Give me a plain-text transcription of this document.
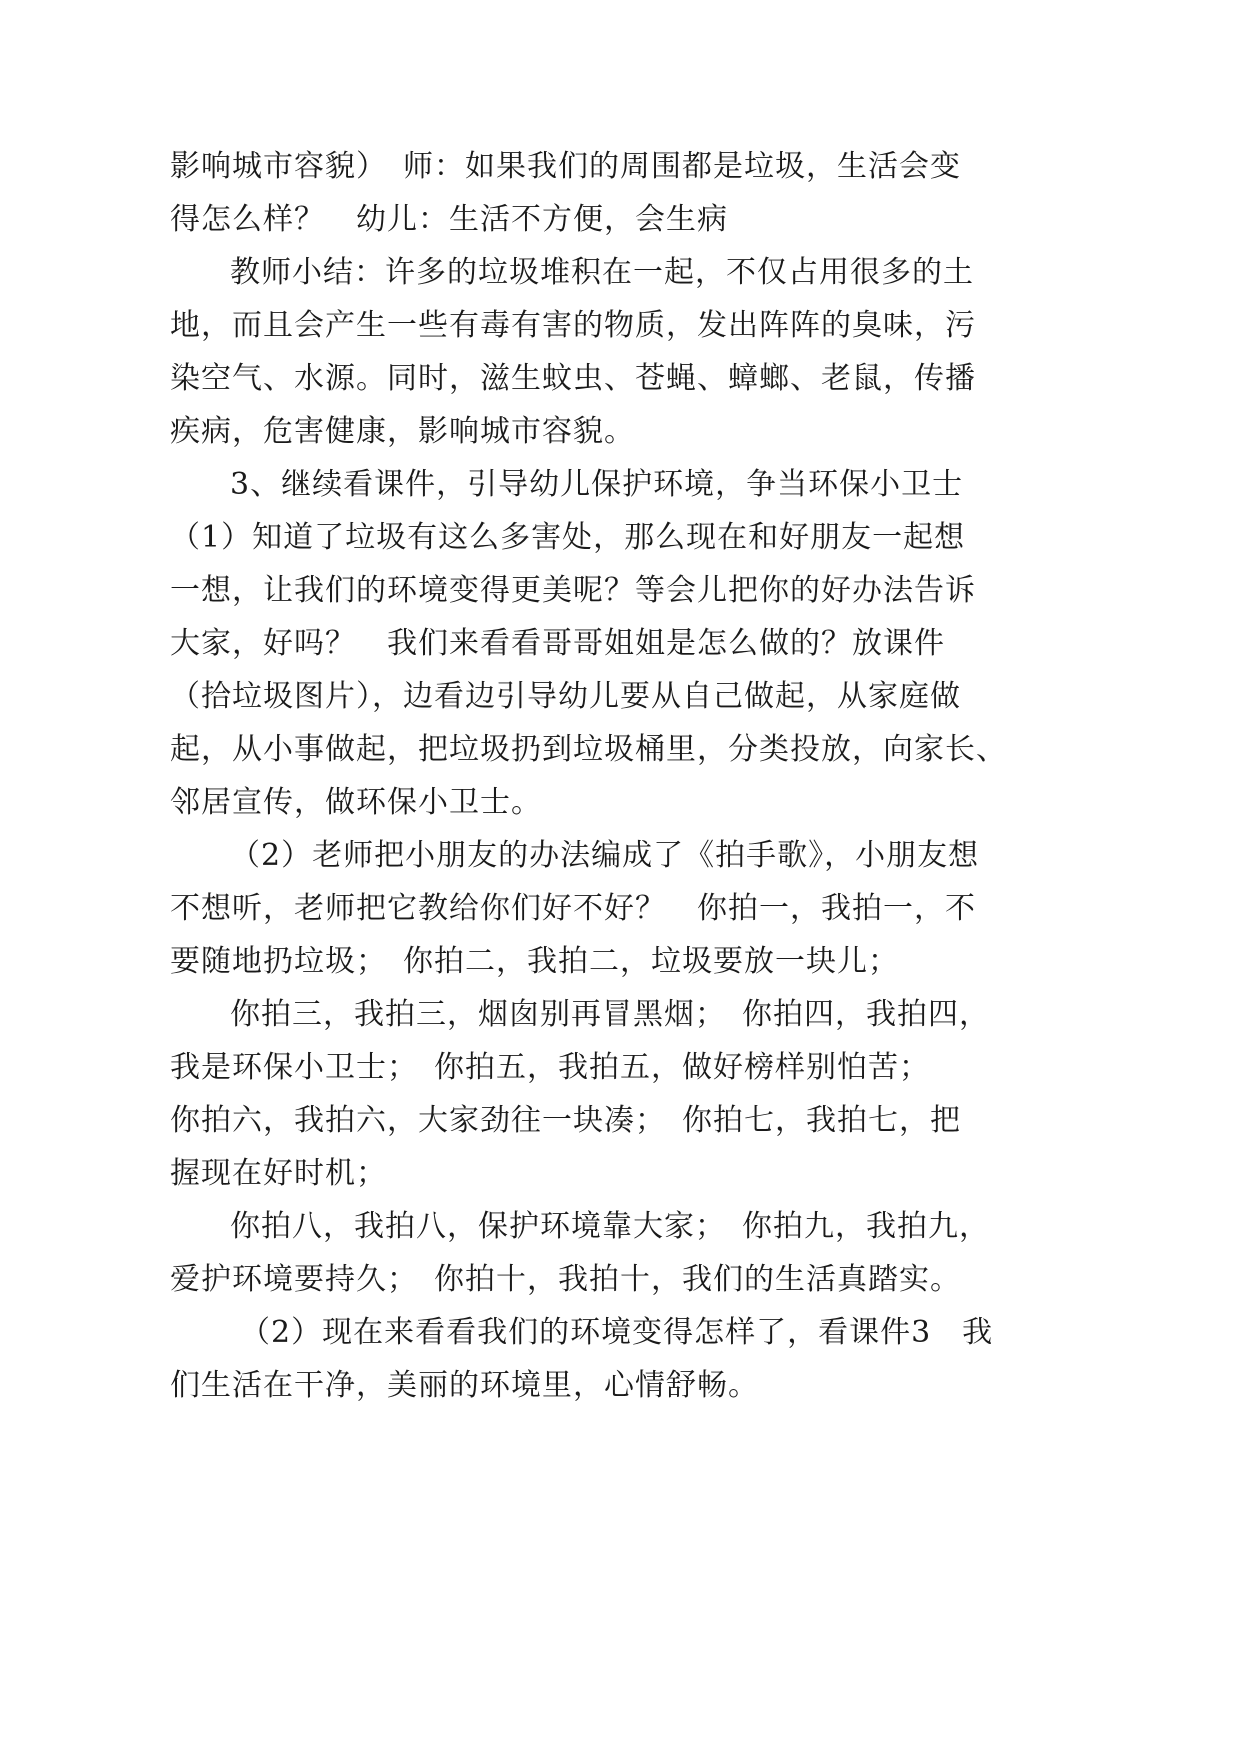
影响城市容貌）　师：如果我们的周围都是垃圾，生活会变
得怎么样？　幼儿：生活不方便，会生病
教师小结：许多的垃圾堆积在一起，不仅占用很多的土
地，而且会产生一些有毒有害的物质，发出阵阵的臭味，污
染空气、水源。同时，滋生蚊虫、苍蝇、蟑螂、老鼠，传播
疾病，危害健康，影响城市容貌。
3、继续看课件，引导幼儿保护环境，争当环保小卫士
（1）知道了垃圾有这么多害处，那么现在和好朋友一起想
一想，让我们的环境变得更美呢？等会儿把你的好办法告诉
大家，好吗？　我们来看看哥哥姐姐是怎么做的？放课件
（拾垃圾图片），边看边引导幼儿要从自己做起，从家庭做
起，从小事做起，把垃圾扔到垃圾桶里，分类投放，向家长、
邻居宣传，做环保小卫士。
（2）老师把小朋友的办法编成了《拍手歌》，小朋友想
不想听，老师把它教给你们好不好？　你拍一，我拍一，不
要随地扔垃圾；　你拍二，我拍二，垃圾要放一块儿；
你拍三，我拍三，烟囱别再冒黑烟；　你拍四，我拍四，
我是环保小卫士；　你拍五，我拍五，做好榜样别怕苦；
你拍六，我拍六，大家劲往一块凑；　你拍七，我拍七，把
握现在好时机；
你拍八，我拍八，保护环境靠大家；　你拍九，我拍九，
爱护环境要持久；　你拍十，我拍十，我们的生活真踏实。
（2）现在来看看我们的环境变得怎样了，看课件3　我
们生活在干净，美丽的环境里，心情舒畅。
